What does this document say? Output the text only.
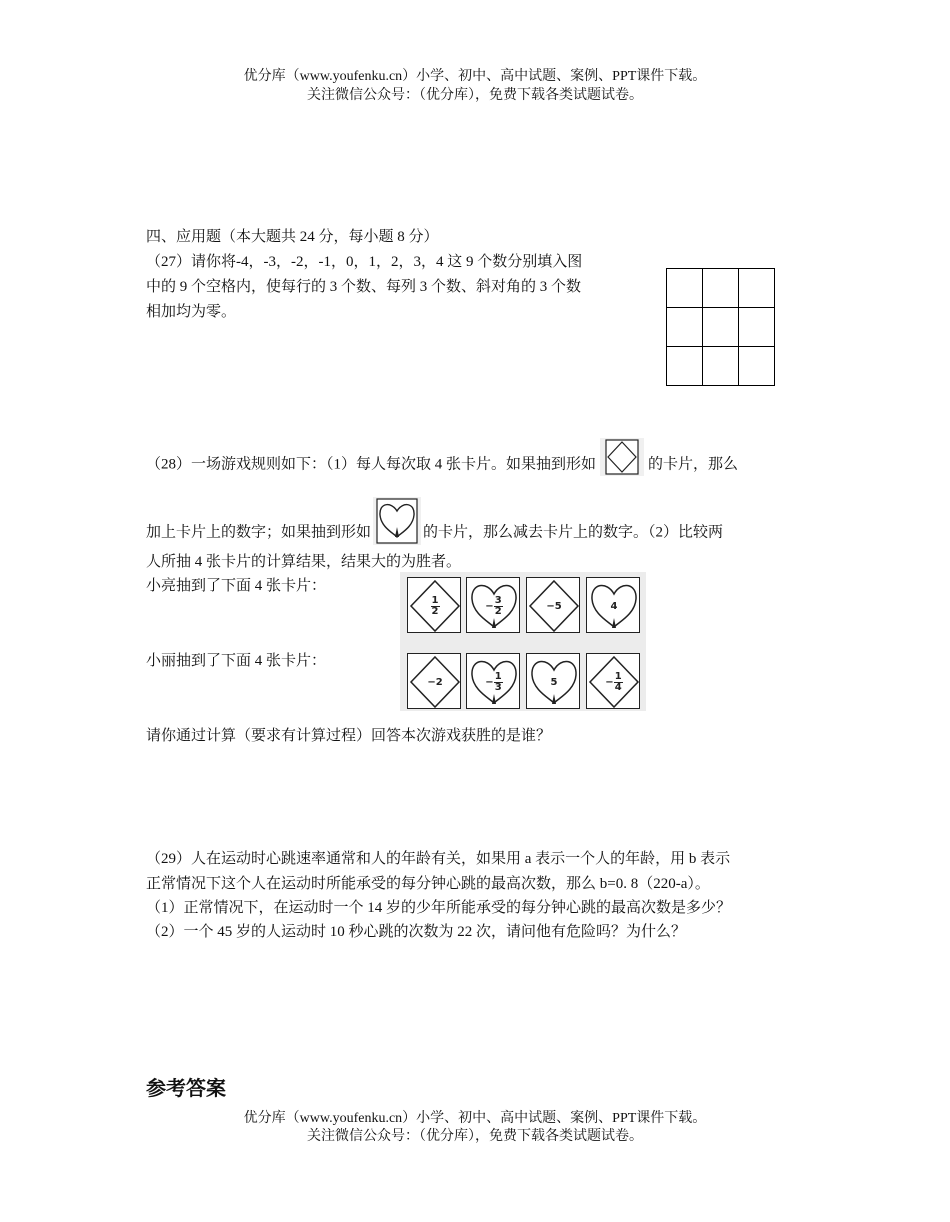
优分库（www.youfenku.cn）小学、初中、高中试题、案例、PPT课件下载。
关注微信公众号：（优分库），免费下载各类试题试卷。
四、应用题（本大题共 24 分，每小题 8 分）
（27）请你将-4，-3，-2，-1，0，1，2，3，4 这 9 个数分别填入图
中的 9 个空格内，使每行的 3 个数、每列 3 个数、斜对角的 3 个数
相加均为零。

（28）一场游戏规则如下：（1）每人每次取 4 张卡片。如果抽到形如	的卡片，那么
加上卡片上的数字；如果抽到形如	的卡片，那么减去卡片上的数字。（2）比较两
人所抽 4 张卡片的计算结果，结果大的为胜者。
小亮抽到了下面 4 张卡片：
小丽抽到了下面 4 张卡片：
$\frac{1}{2}$	− $\frac{3}{2}$	−5	4
−2	− $\frac{1}{3}$	5	− $\frac{1}{4}$
请你通过计算（要求有计算过程）回答本次游戏获胜的是谁？
（29）人在运动时心跳速率通常和人的年龄有关，如果用 a 表示一个人的年龄，用 b 表示
正常情况下这个人在运动时所能承受的每分钟心跳的最高次数，那么 b=0. 8（220-a）。
（1）正常情况下，在运动时一个 14 岁的少年所能承受的每分钟心跳的最高次数是多少？
（2）一个 45 岁的人运动时 10 秒心跳的次数为 22 次，请问他有危险吗？为什么？
参考答案
优分库（www.youfenku.cn）小学、初中、高中试题、案例、PPT课件下载。
关注微信公众号：（优分库），免费下载各类试题试卷。
